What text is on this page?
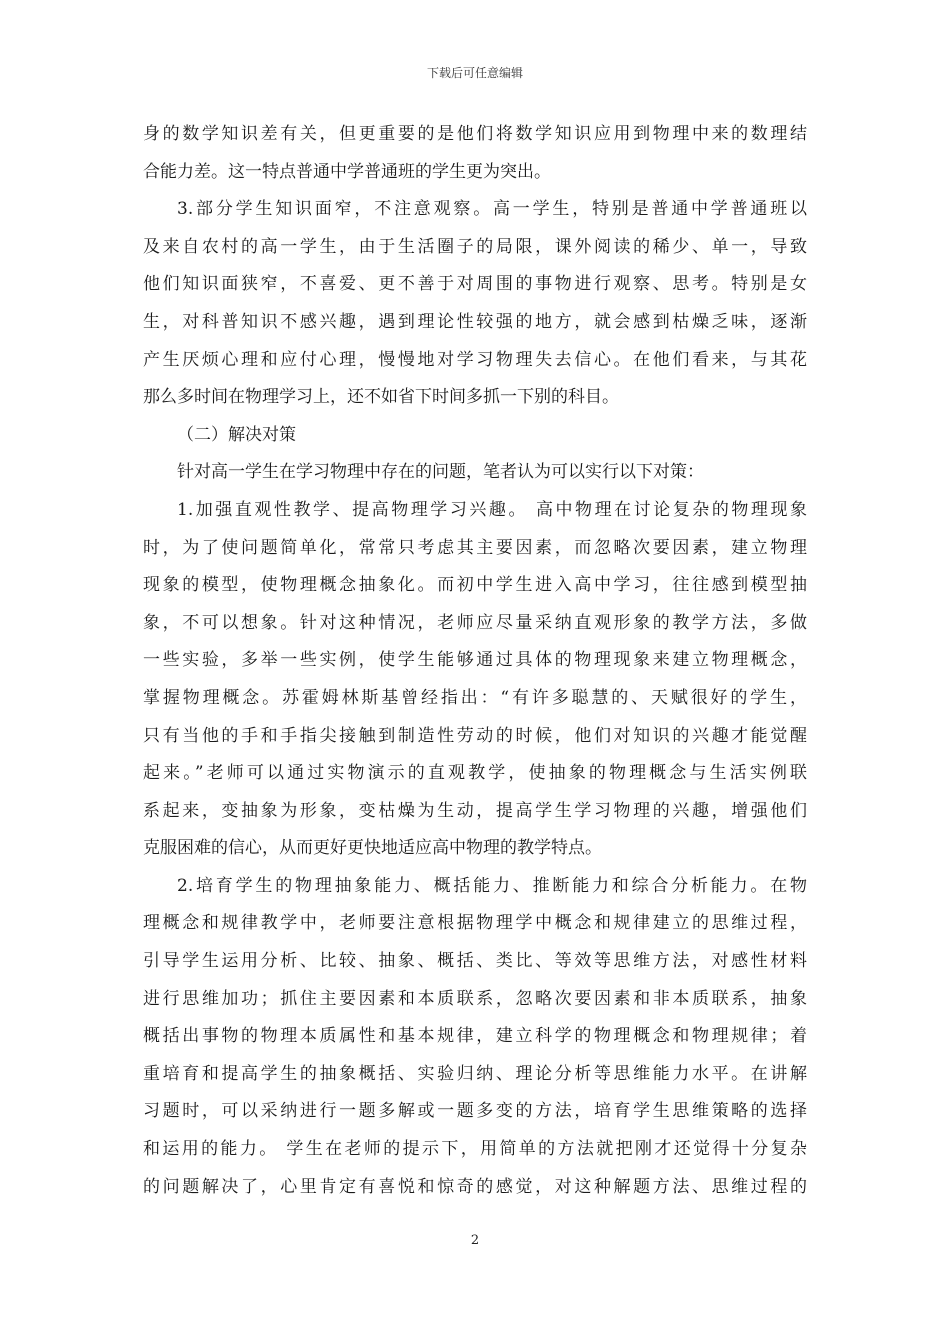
下载后可任意编辑
身的数学知识差有关，但更重要的是他们将数学知识应用到物理中来的数理结
合能力差。这一特点普通中学普通班的学生更为突出。
3.部分学生知识面窄，不注意观察。高一学生，特别是普通中学普通班以
及来自农村的高一学生，由于生活圈子的局限，课外阅读的稀少、单一，导致
他们知识面狭窄，不喜爱、更不善于对周围的事物进行观察、思考。特别是女
生，对科普知识不感兴趣，遇到理论性较强的地方，就会感到枯燥乏味，逐渐
产生厌烦心理和应付心理，慢慢地对学习物理失去信心。在他们看来，与其花
那么多时间在物理学习上，还不如省下时间多抓一下别的科目。
（二）解决对策
针对高一学生在学习物理中存在的问题，笔者认为可以实行以下对策：
1.加强直观性教学、提高物理学习兴趣。 高中物理在讨论复杂的物理现象
时，为了使问题简单化，常常只考虑其主要因素，而忽略次要因素，建立物理
现象的模型，使物理概念抽象化。而初中学生进入高中学习，往往感到模型抽
象，不可以想象。针对这种情况，老师应尽量采纳直观形象的教学方法，多做
一些实验，多举一些实例，使学生能够通过具体的物理现象来建立物理概念，
掌握物理概念。苏霍姆林斯基曾经指出：“有许多聪慧的、天赋很好的学生，
只有当他的手和手指尖接触到制造性劳动的时候，他们对知识的兴趣才能觉醒
起来。”老师可以通过实物演示的直观教学，使抽象的物理概念与生活实例联
系起来，变抽象为形象，变枯燥为生动，提高学生学习物理的兴趣，增强他们
克服困难的信心，从而更好更快地适应高中物理的教学特点。
2.培育学生的物理抽象能力、概括能力、推断能力和综合分析能力。在物
理概念和规律教学中，老师要注意根据物理学中概念和规律建立的思维过程，
引导学生运用分析、比较、抽象、概括、类比、等效等思维方法，对感性材料
进行思维加功；抓住主要因素和本质联系，忽略次要因素和非本质联系，抽象
概括出事物的物理本质属性和基本规律，建立科学的物理概念和物理规律；着
重培育和提高学生的抽象概括、实验归纳、理论分析等思维能力水平。在讲解
习题时，可以采纳进行一题多解或一题多变的方法，培育学生思维策略的选择
和运用的能力。 学生在老师的提示下，用简单的方法就把刚才还觉得十分复杂
的问题解决了，心里肯定有喜悦和惊奇的感觉，对这种解题方法、思维过程的
2
